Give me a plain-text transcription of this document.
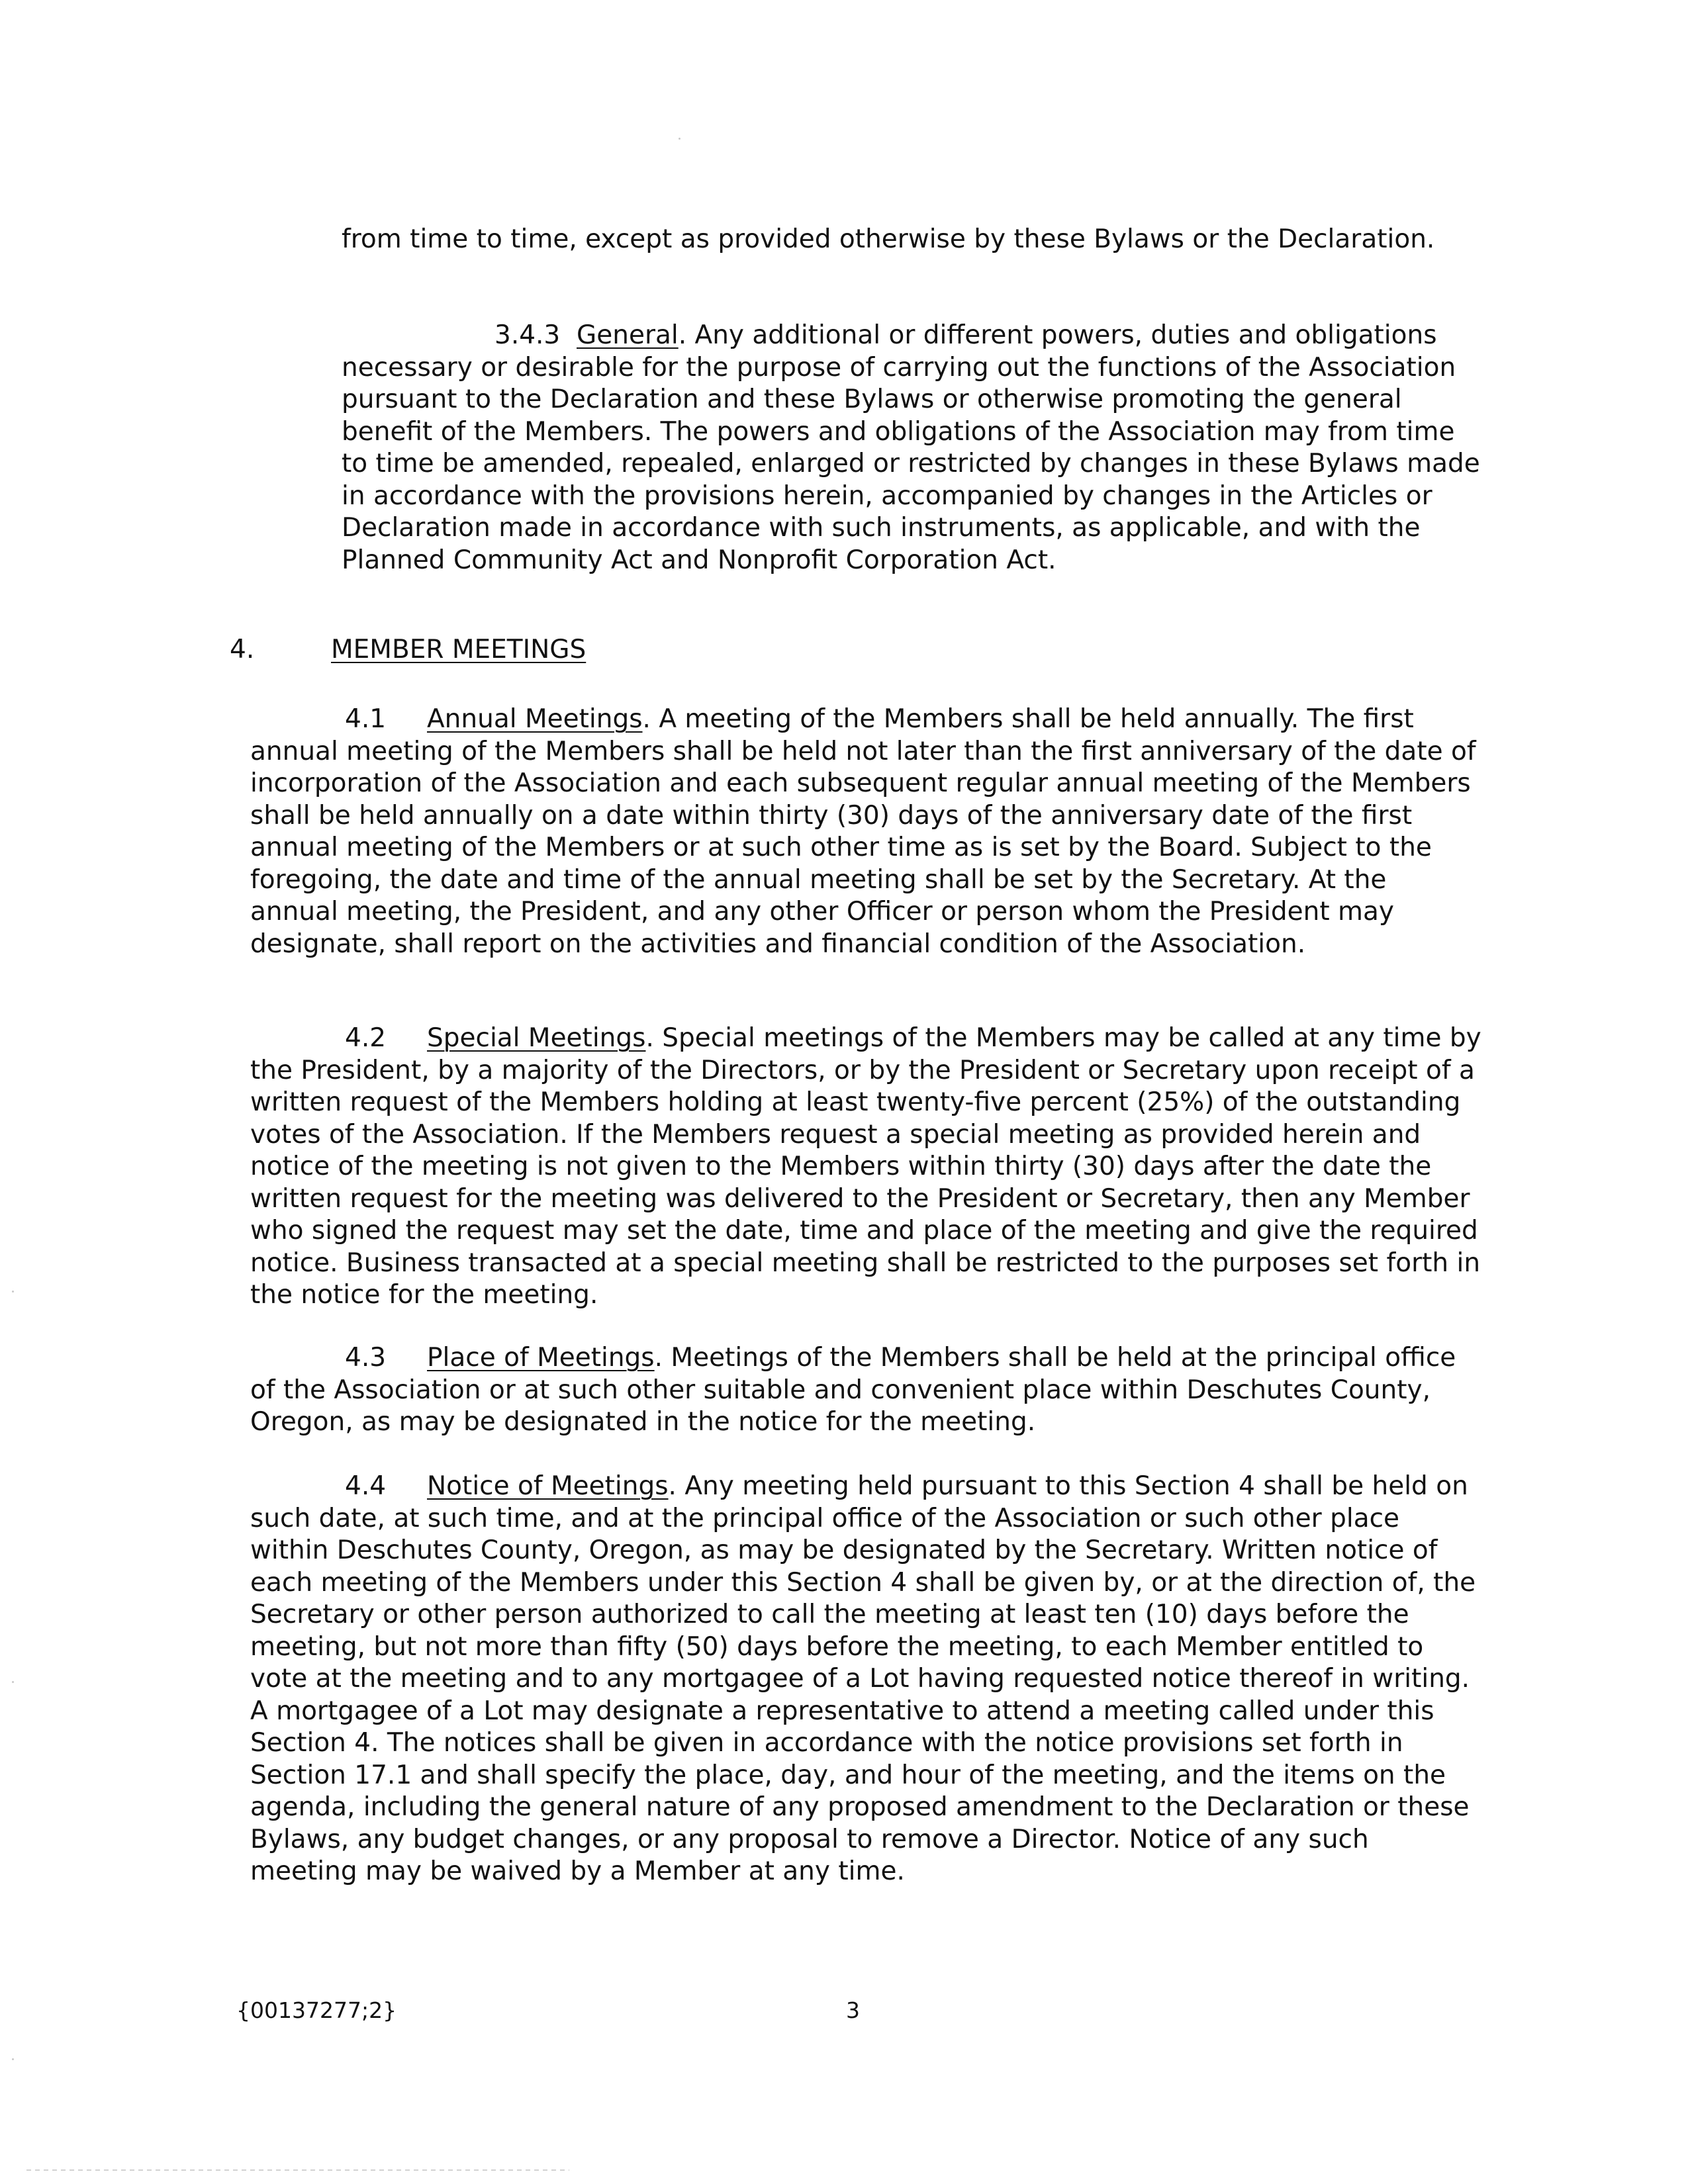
from time to time, except as provided otherwise by these Bylaws or the Declaration.

3.4.3 General. Any additional or different powers, duties and obligations necessary or desirable for the purpose of carrying out the functions of the Association pursuant to the Declaration and these Bylaws or otherwise promoting the general benefit of the Members. The powers and obligations of the Association may from time to time be amended, repealed, enlarged or restricted by changes in these Bylaws made in accordance with the provisions herein, accompanied by changes in the Articles or Declaration made in accordance with such instruments, as applicable, and with the Planned Community Act and Nonprofit Corporation Act.

4.	MEMBER MEETINGS

4.1 Annual Meetings. A meeting of the Members shall be held annually. The first annual meeting of the Members shall be held not later than the first anniversary of the date of incorporation of the Association and each subsequent regular annual meeting of the Members shall be held annually on a date within thirty (30) days of the anniversary date of the first annual meeting of the Members or at such other time as is set by the Board. Subject to the foregoing, the date and time of the annual meeting shall be set by the Secretary. At the annual meeting, the President, and any other Officer or person whom the President may designate, shall report on the activities and financial condition of the Association.

4.2 Special Meetings. Special meetings of the Members may be called at any time by the President, by a majority of the Directors, or by the President or Secretary upon receipt of a written request of the Members holding at least twenty-five percent (25%) of the outstanding votes of the Association. If the Members request a special meeting as provided herein and notice of the meeting is not given to the Members within thirty (30) days after the date the written request for the meeting was delivered to the President or Secretary, then any Member who signed the request may set the date, time and place of the meeting and give the required notice. Business transacted at a special meeting shall be restricted to the purposes set forth in the notice for the meeting.

4.3 Place of Meetings. Meetings of the Members shall be held at the principal office of the Association or at such other suitable and convenient place within Deschutes County, Oregon, as may be designated in the notice for the meeting.

4.4 Notice of Meetings. Any meeting held pursuant to this Section 4 shall be held on such date, at such time, and at the principal office of the Association or such other place within Deschutes County, Oregon, as may be designated by the Secretary. Written notice of each meeting of the Members under this Section 4 shall be given by, or at the direction of, the Secretary or other person authorized to call the meeting at least ten (10) days before the meeting, but not more than fifty (50) days before the meeting, to each Member entitled to vote at the meeting and to any mortgagee of a Lot having requested notice thereof in writing. A mortgagee of a Lot may designate a representative to attend a meeting called under this Section 4. The notices shall be given in accordance with the notice provisions set forth in Section 17.1 and shall specify the place, day, and hour of the meeting, and the items on the agenda, including the general nature of any proposed amendment to the Declaration or these Bylaws, any budget changes, or any proposal to remove a Director. Notice of any such meeting may be waived by a Member at any time.

{00137277;2}	3
